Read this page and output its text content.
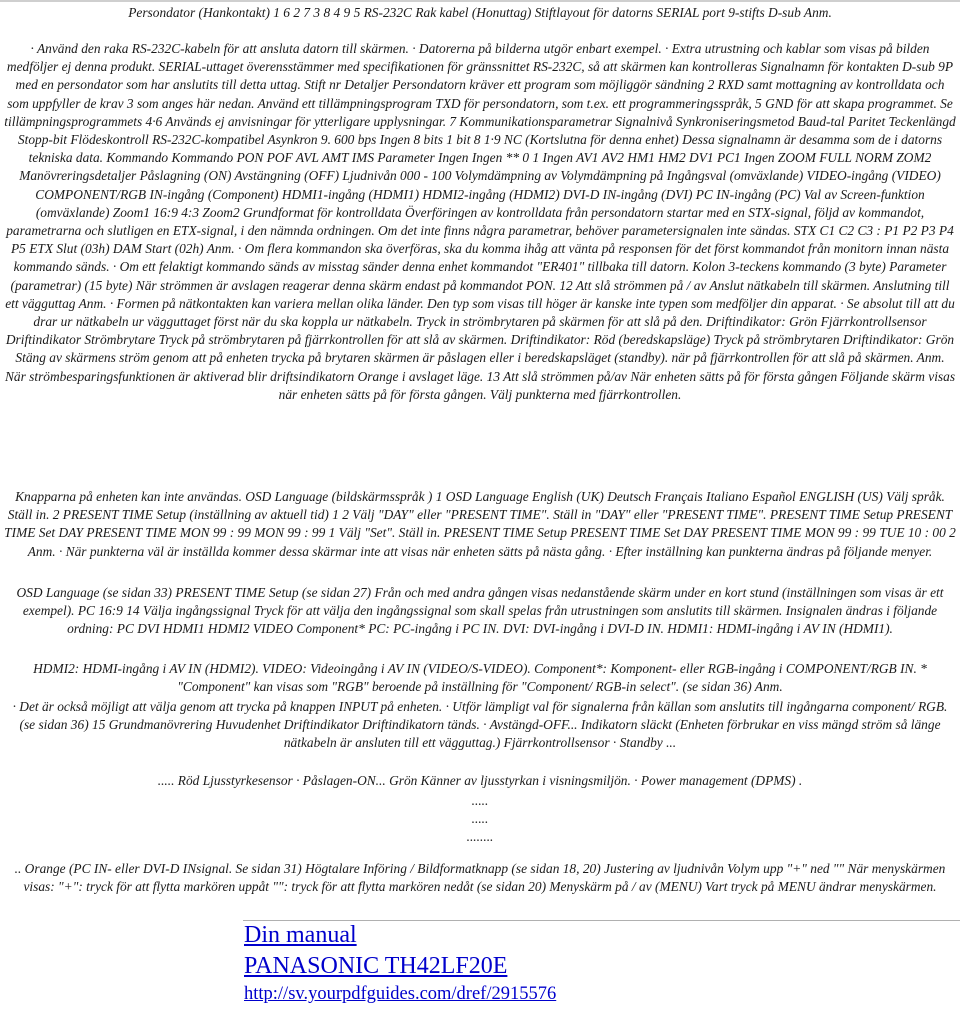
Persondator (Hankontakt) 1 6 2 7 3 8 4 9 5 RS-232C Rak kabel (Honuttag) Stiftlayout för datorns SERIAL port 9-stifts D-sub Anm.

· Använd den raka RS-232C-kabeln för att ansluta datorn till skärmen. · Datorerna på bilderna utgör enbart exempel. · Extra utrustning och kablar som visas på bilden medföljer ej denna produkt. SERIAL-uttaget överensstämmer med specifikationen för gränssnittet RS-232C, så att skärmen kan kontrolleras Signalnamn för kontakten D-sub 9P med en persondator som har anslutits till detta uttag. Stift nr Detaljer Persondatorn kräver ett program som möjliggör sändning 2 RXD samt mottagning av kontrolldata och som uppfyller de krav 3 som anges här nedan. Använd ett tillämpningsprogram TXD för persondatorn, som t.ex. ett programmeringsspråk, 5 GND för att skapa programmet. Se tillämpningsprogrammets 4·6 Används ej anvisningar för ytterligare upplysningar. 7 Kommunikationsparametrar Signalnivå Synkroniseringsmetod Baud-tal Paritet Teckenlängd Stopp-bit Flödeskontroll RS-232C-kompatibel Asynkron 9. 600 bps Ingen 8 bits 1 bit 8 1·9 NC (Kortslutna för denna enhet) Dessa signalnamn är desamma som de i datorns tekniska data. Kommando Kommando PON POF AVL AMT IMS Parameter Ingen Ingen ** 0 1 Ingen AV1 AV2 HM1 HM2 DV1 PC1 Ingen ZOOM FULL NORM ZOM2 Manövreringsdetaljer Påslagning (ON) Avstängning (OFF) Ljudnivån 000 - 100 Volymdämpning av Volymdämpning på Ingångsval (omväxlande) VIDEO-ingång (VIDEO) COMPONENT/RGB IN-ingång (Component) HDMI1-ingång (HDMI1) HDMI2-ingång (HDMI2) DVI-D IN-ingång (DVI) PC IN-ingång (PC) Val av Screen-funktion (omväxlande) Zoom1 16:9 4:3 Zoom2 Grundformat för kontrolldata Överföringen av kontrolldata från persondatorn startar med en STX-signal, följd av kommandot, parametrarna och slutligen en ETX-signal, i den nämnda ordningen. Om det inte finns några parametrar, behöver parametersignalen inte sändas. STX C1 C2 C3 : P1 P2 P3 P4 P5 ETX Slut (03h) DAM Start (02h) Anm. · Om flera kommandon ska överföras, ska du komma ihåg att vänta på responsen för det först kommandot från monitorn innan nästa kommando sänds. · Om ett felaktigt kommando sänds av misstag sänder denna enhet kommandot "ER401" tillbaka till datorn. Kolon 3-teckens kommando (3 byte) Parameter (parametrar) (15 byte) När strömmen är avslagen reagerar denna skärm endast på kommandot PON. 12 Att slå strömmen på / av Anslut nätkabeln till skärmen. Anslutning till ett vägguttag Anm. · Formen på nätkontakten kan variera mellan olika länder. Den typ som visas till höger är kanske inte typen som medföljer din apparat. · Se absolut till att du drar ur nätkabeln ur vägguttaget först när du ska koppla ur nätkabeln. Tryck in strömbrytaren på skärmen för att slå på den. Driftindikator: Grön Fjärrkontrollsensor Driftindikator Strömbrytare Tryck på strömbrytaren på fjärrkontrollen för att slå av skärmen. Driftindikator: Röd (beredskapsläge) Tryck på strömbrytaren Driftindikator: Grön Stäng av skärmens ström genom att på enheten trycka på brytaren skärmen är påslagen eller i beredskapsläget (standby). när på fjärrkontrollen för att slå på skärmen. Anm. När strömbesparingsfunktionen är aktiverad blir driftsindikatorn Orange i avslaget läge. 13 Att slå strömmen på/av När enheten sätts på för första gången Följande skärm visas när enheten sätts på för första gången. Välj punkterna med fjärrkontrollen.

Knapparna på enheten kan inte användas. OSD Language (bildskärmsspråk ) 1 OSD Language English (UK) Deutsch Français Italiano Español ENGLISH (US) Välj språk. Ställ in. 2 PRESENT TIME Setup (inställning av aktuell tid) 1 2 Välj "DAY" eller "PRESENT TIME". Ställ in "DAY" eller "PRESENT TIME". PRESENT TIME Setup PRESENT TIME Set DAY PRESENT TIME MON 99 : 99 MON 99 : 99 1 Välj "Set". Ställ in. PRESENT TIME Setup PRESENT TIME Set DAY PRESENT TIME MON 99 : 99 TUE 10 : 00 2 Anm. · När punkterna väl är inställda kommer dessa skärmar inte att visas när enheten sätts på nästa gång. · Efter inställning kan punkterna ändras på följande menyer.

OSD Language (se sidan 33) PRESENT TIME Setup (se sidan 27) Från och med andra gången visas nedanstående skärm under en kort stund (inställningen som visas är ett exempel). PC 16:9 14 Välja ingångssignal Tryck för att välja den ingångssignal som skall spelas från utrustningen som anslutits till skärmen. Insignalen ändras i följande ordning: PC DVI HDMI1 HDMI2 VIDEO Component* PC: PC-ingång i PC IN. DVI: DVI-ingång i DVI-D IN. HDMI1: HDMI-ingång i AV IN (HDMI1).

HDMI2: HDMI-ingång i AV IN (HDMI2). VIDEO: Videoingång i AV IN (VIDEO/S-VIDEO). Component*: Komponent- eller RGB-ingång i COMPONENT/RGB IN. * "Component" kan visas som "RGB" beroende på inställning för "Component/ RGB-in select". (se sidan 36) Anm.

· Det är också möjligt att välja genom att trycka på knappen INPUT på enheten. · Utför lämpligt val för signalerna från källan som anslutits till ingångarna component/ RGB. (se sidan 36) 15 Grundmanövrering Huvudenhet Driftindikator Driftindikatorn tänds. · Avstängd-OFF... Indikatorn släckt (Enheten förbrukar en viss mängd ström så länge nätkabeln är ansluten till ett vägguttag.) Fjärrkontrollsensor · Standby ...

..... Röd Ljusstyrkesensor · Påslagen-ON... Grön Känner av ljusstyrkan i visningsmiljön. · Power management (DPMS) .

.....

.....

........

.. Orange (PC IN- eller DVI-D INsignal. Se sidan 31) Högtalare Införing / Bildformatknapp (se sidan 18, 20) Justering av ljudnivån Volym upp "+" ned "" När menyskärmen visas: "+": tryck för att flytta markören uppåt "": tryck för att flytta markören nedåt (se sidan 20) Menyskärm på / av (MENU) Vart tryck på MENU ändrar menyskärmen.

Din manual
PANASONIC TH42LF20E
http://sv.yourpdfguides.com/dref/2915576
